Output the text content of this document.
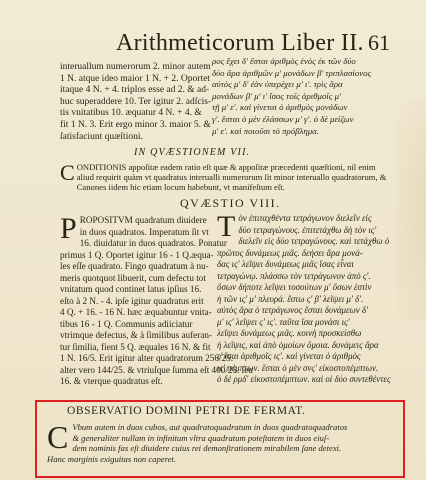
Arithmeticorum Liber II. 61
interuallum numerorum 2. minor autem
1 N. atque ideo maior 1 N. + 2. Oportet
itaque 4 N. + 4. triplos esse ad 2. & ad-
huc superaddere 10. Ter igitur 2. adſcis-
tis vnitatibus 10. æquatur 4 N. + 4. &
fit 1 N. 3. Erit ergo minor 3. maior 5. &
ſatisfaciunt quæſtioni.
ρος ἔχει δ' ἔσται ἀριθμὸς ἑνὸς ἐκ τῶν δύο
δύο ἄρα ἀριθμῶν μ' μονάδων β' τριπλασίονος
αὐτὸς μ' δ' ἐὰν ὑπερέχει μ' ι'. τρὶς ἄρα
μονάδων β' μ' ι' ἴσος τοῖς ἀριθμοῖς μ'
τῇ μ' ε'. καὶ γίνεται ὁ ἀριθμὸς μονάδων
γ'. ἔσται ὁ μὲν ἐλάσσων μ' γ'. ὁ δὲ μείζων
μ' ε'. καὶ ποιοῦσι τὸ πρόβλημα.
IN QVÆSTIONEM VII.
C ONDITIONIS appoſitæ eadem ratio eſt quæ & appoſitæ præcedenti quæſtioni, nil enim
aliud requirit quàm vt quadratus interualli numerorum ſit minor interuallo quadratorum, &
Canones iidem hic etiam locum habebunt, vt manifeſtum eſt.
QVÆSTIO VIII.
P ROPOSITVM quadratum diuidere
in duos quadratos. Imperatum ſit vt
16. diuidatur in duos quadratos. Ponatur
primus 1 Q. Oportet igitur 16 - 1 Q.æqua-
les eſſe quadrato. Fingo quadratum à nu-
meris quotquot libuerit, cum defectu tot
vnitatum quod continet latus ipſius 16.
eſto à 2 N. - 4. ipſe igitur quadratus erit
4 Q. + 16. - 16 N. hæc æquabuntur vnita-
tibus 16 - 1 Q. Communis adiiciatur
vtrimque defectus, & à ſimilibus auferan-
tur ſimilia, fient 5 Q. æquales 16 N. & fit
1 N. 16/5. Erit igitur alter quadratorum 256/25.
alter vero 144/25. & vtriuſque ſumma eſt 400/25. ſeu
16. & vterque quadratus eſt.
T ὸν ἐπιταχθέντα τετράγωνον διελεῖν εἰς
δύο τετραγώνους. ἐπιτετάχθω δὴ τὸν ις'
διελεῖν εἰς δύο τετραγώνους. καὶ τετάχθω ὁ
πρῶτος δυνάμεως μιᾶς. δεήσει ἄρα μονά-
δας ις' λεῖψει δυνάμεως μιᾶς ἴσας εἶναι
τετραγώνῳ. πλάσσω τὸν τετράγωνον ἀπὸ ς'.
ὅσων δήποτε λεῖψει τοσούτων μ' ὅσων ἐστὶν
ἡ τῶν ις' μ' πλευρά. ἔστω ς' β' λεῖψει μ' δ'.
αὐτὸς ἄρα ὁ τετράγωνος ἔσται δυνάμεων δ'
μ' ις' λεῖψει ς' ις'. ταῦτα ἴσα μονάσι ις'
λεῖψει δυνάμεως μιᾶς. κοινὴ προσκείσθω
ἡ λεῖψις, καὶ ἀπὸ ὁμοίων ὅμοια. δυνάμεις ἄρα
ε' ἴσαι ἀριθμοῖς ις'. καὶ γίνεται ὁ ἀριθμὸς
ις' πέμπτων. ἔσται ὁ μὲν σνς' εἰκοστοπέμπτων.
ὁ δὲ ρμδ' εἰκοστοπέμπτων. καὶ οἱ δύο συντεθέντες
OBSERVATIO DOMINI PETRI DE FERMAT.
C Vbum autem in duos cubos, aut quadratoquadratum in duos quadratoquadratos
& generaliter nullam in infinitum vltra quadratum poteſtatem in duos eiuſ-
dem nominis fas eſt diuidere cuius rei demonſtrationem mirabilem ſane detexi.
Hanc marginis exiguitas non caperet.
